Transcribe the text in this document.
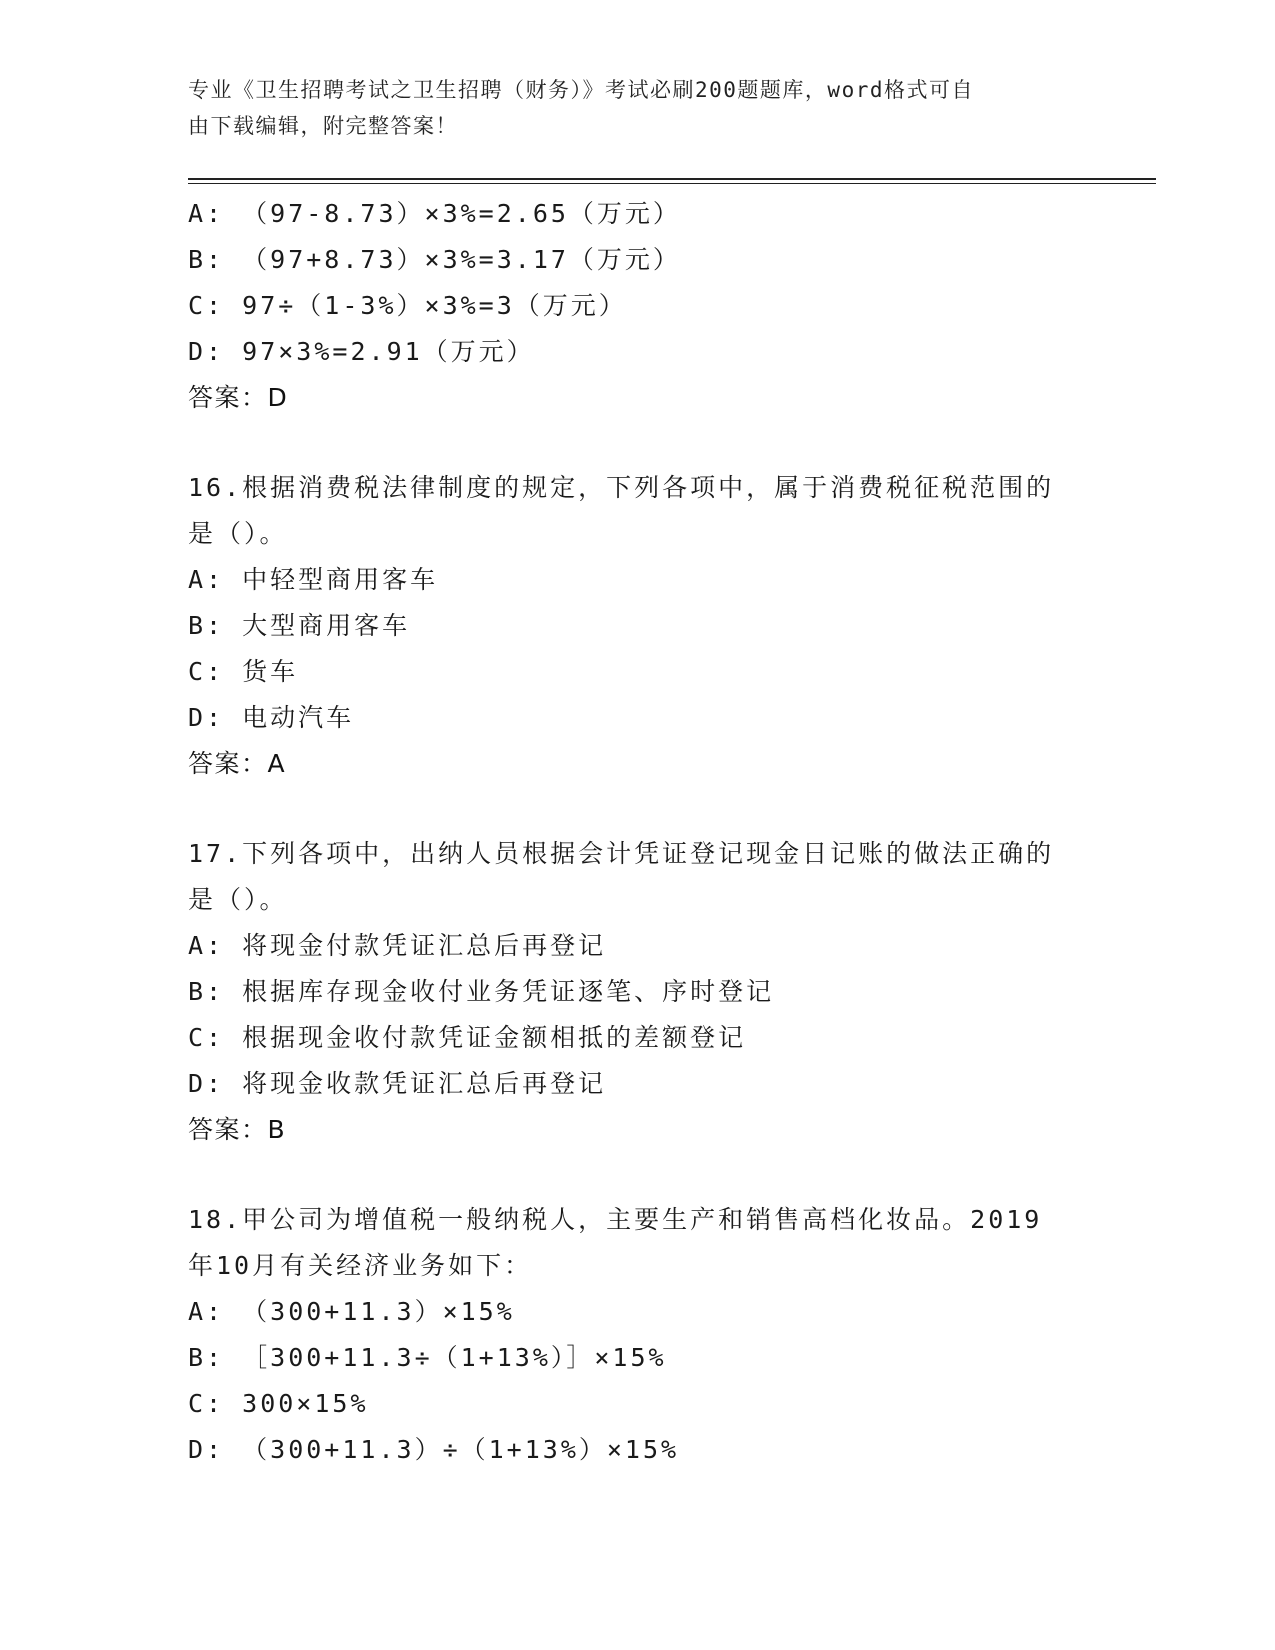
专业《卫生招聘考试之卫生招聘（财务）》考试必刷200题题库，word格式可自
由下载编辑，附完整答案！
A: （97-8.73）×3%=2.65（万元）
B: （97+8.73）×3%=3.17（万元）
C: 97÷（1-3%）×3%=3（万元）
D: 97×3%=2.91（万元）
答案：D
16.根据消费税法律制度的规定，下列各项中，属于消费税征税范围的
是（）。
A: 中轻型商用客车
B: 大型商用客车
C: 货车
D: 电动汽车
答案：A
17.下列各项中，出纳人员根据会计凭证登记现金日记账的做法正确的
是（）。
A: 将现金付款凭证汇总后再登记
B: 根据库存现金收付业务凭证逐笔、序时登记
C: 根据现金收付款凭证金额相抵的差额登记
D: 将现金收款凭证汇总后再登记
答案：B
18.甲公司为增值税一般纳税人，主要生产和销售高档化妆品。2019
年10月有关经济业务如下：
A: （300+11.3）×15%
B: ［300+11.3÷（1+13%）］×15%
C: 300×15%
D: （300+11.3）÷（1+13%）×15%
